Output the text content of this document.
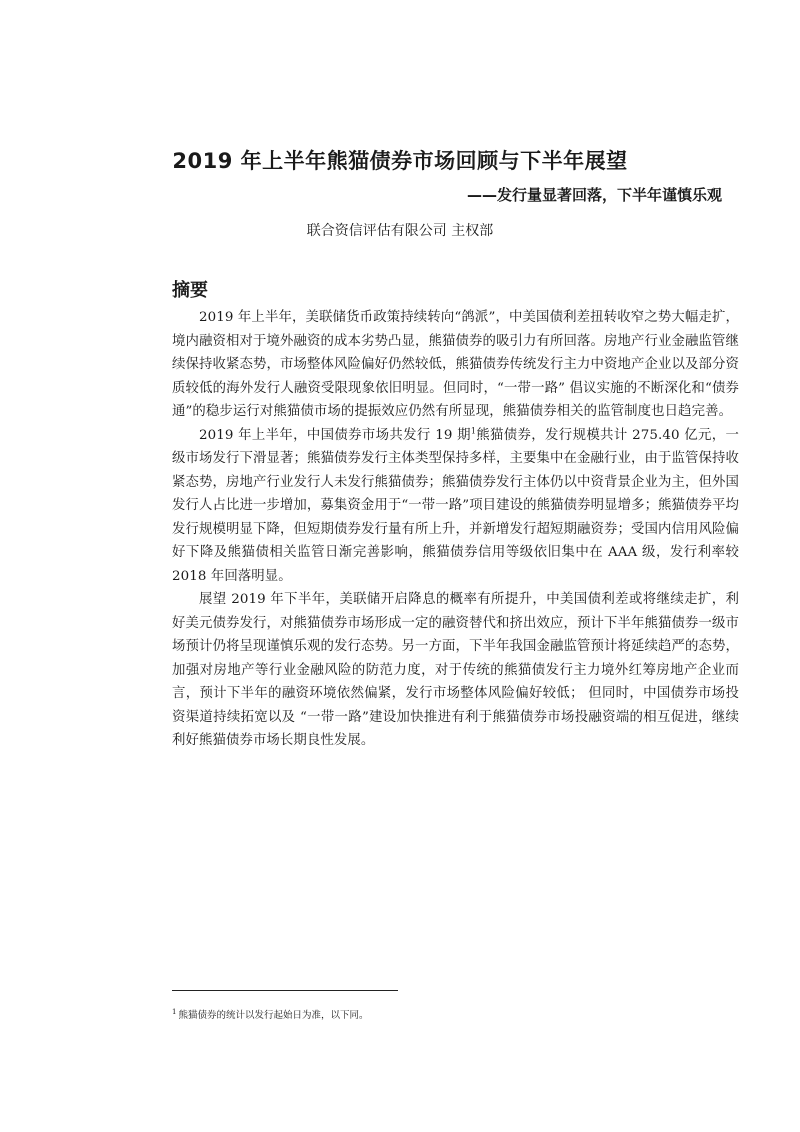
2019 年上半年熊猫债券市场回顾与下半年展望

——发行量显著回落，下半年谨慎乐观

联合资信评估有限公司 主权部

摘要

2019 年上半年，美联储货币政策持续转向“鸽派”，中美国债利差扭转收窄之势大幅走扩，境内融资相对于境外融资的成本劣势凸显，熊猫债券的吸引力有所回落。房地产行业金融监管继续保持收紧态势，市场整体风险偏好仍然较低，熊猫债券传统发行主力中资地产企业以及部分资质较低的海外发行人融资受限现象依旧明显。但同时，“一带一路” 倡议实施的不断深化和“债券通”的稳步运行对熊猫债市场的提振效应仍然有所显现，熊猫债券相关的监管制度也日趋完善。

2019 年上半年，中国债券市场共发行 19 期$^1$熊猫债券，发行规模共计 275.40 亿元，一级市场发行下滑显著；熊猫债券发行主体类型保持多样，主要集中在金融行业，由于监管保持收紧态势，房地产行业发行人未发行熊猫债券；熊猫债券发行主体仍以中资背景企业为主，但外国发行人占比进一步增加，募集资金用于“一带一路”项目建设的熊猫债券明显增多；熊猫债券平均发行规模明显下降，但短期债券发行量有所上升，并新增发行超短期融资券；受国内信用风险偏好下降及熊猫债相关监管日渐完善影响，熊猫债券信用等级依旧集中在 AAA 级，发行利率较 2018 年回落明显。

展望 2019 年下半年，美联储开启降息的概率有所提升，中美国债利差或将继续走扩，利好美元债券发行，对熊猫债券市场形成一定的融资替代和挤出效应，预计下半年熊猫债券一级市场预计仍将呈现谨慎乐观的发行态势。另一方面，下半年我国金融监管预计将延续趋严的态势，加强对房地产等行业金融风险的防范力度，对于传统的熊猫债发行主力境外红筹房地产企业而言，预计下半年的融资环境依然偏紧，发行市场整体风险偏好较低； 但同时，中国债券市场投资渠道持续拓宽以及 “一带一路”建设加快推进有利于熊猫债券市场投融资端的相互促进，继续利好熊猫债券市场长期良性发展。

$^1$ 熊猫债券的统计以发行起始日为准，以下同。
